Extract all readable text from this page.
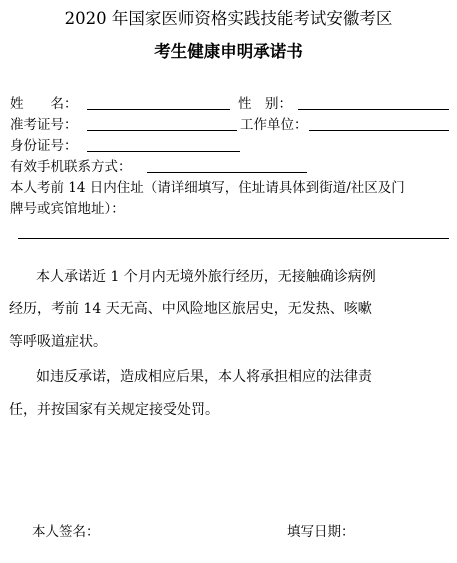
2020 年国家医师资格实践技能考试安徽考区
考生健康申明承诺书
姓　　名：	性　别：
准考证号：	工作单位：
身份证号：
有效手机联系方式：
本人考前 14 日内住址（请详细填写，住址请具体到街道/社区及门
牌号或宾馆地址）：
本人承诺近 1 个月内无境外旅行经历，无接触确诊病例
经历，考前 14 天无高、中风险地区旅居史，无发热、咳嗽
等呼吸道症状。
如违反承诺，造成相应后果，本人将承担相应的法律责
任，并按国家有关规定接受处罚。
本人签名：	填写日期：
